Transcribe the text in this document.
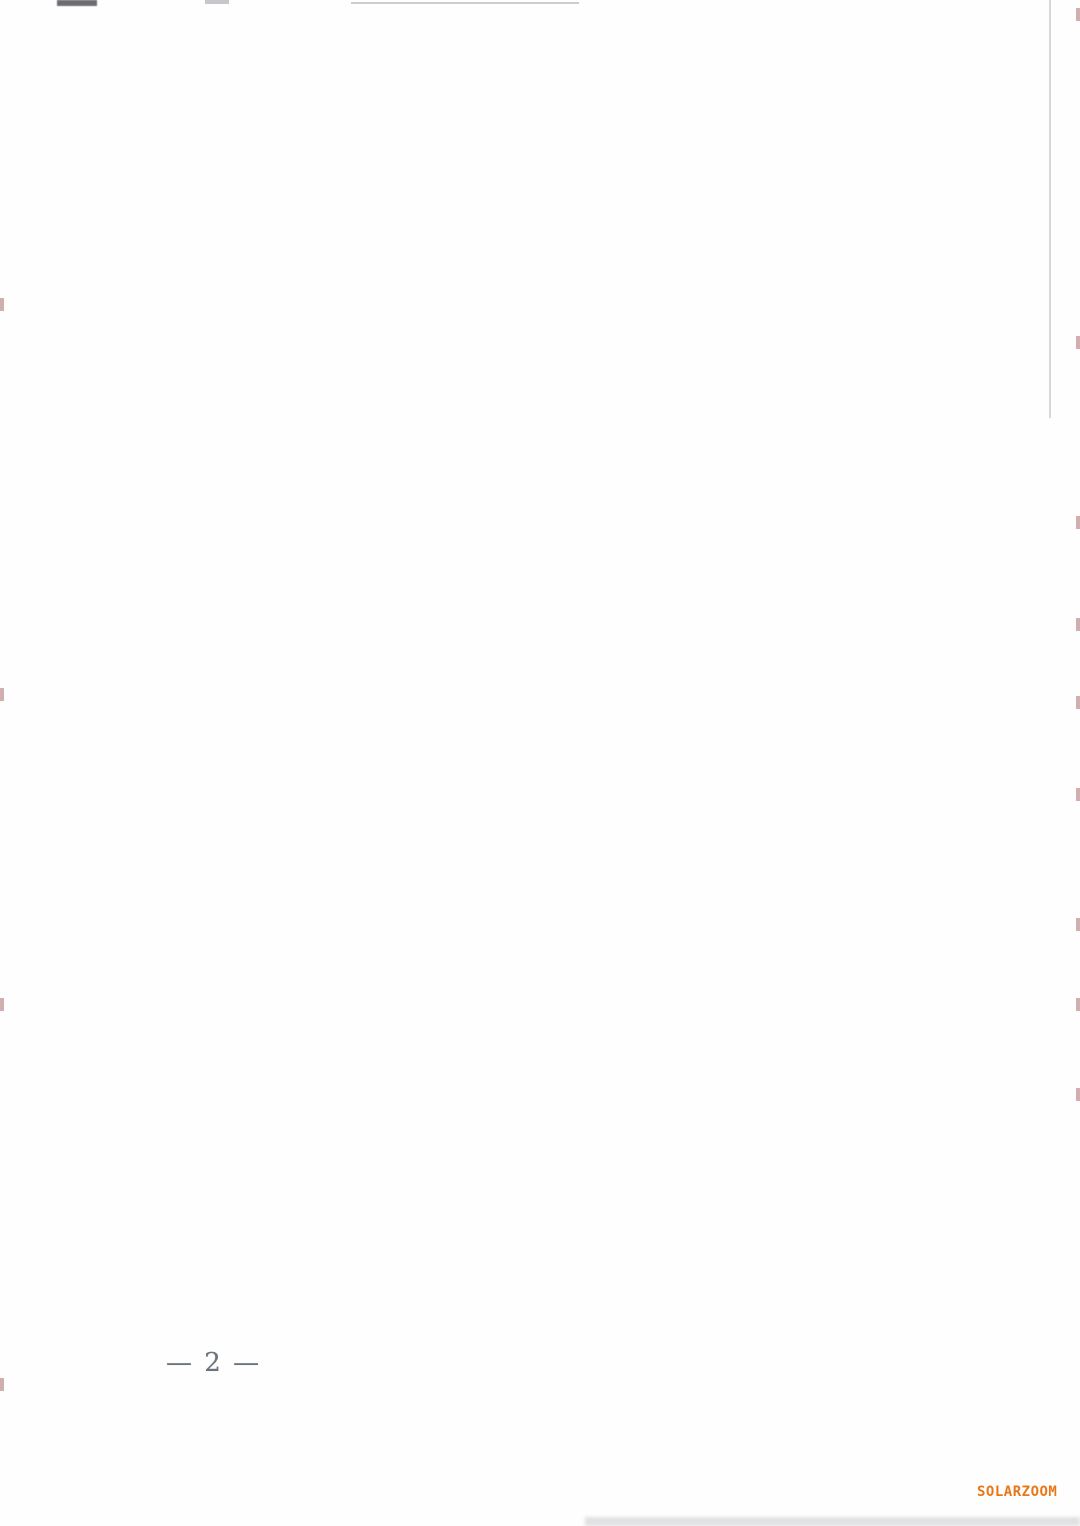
— 2 —
SOLARZOOM
